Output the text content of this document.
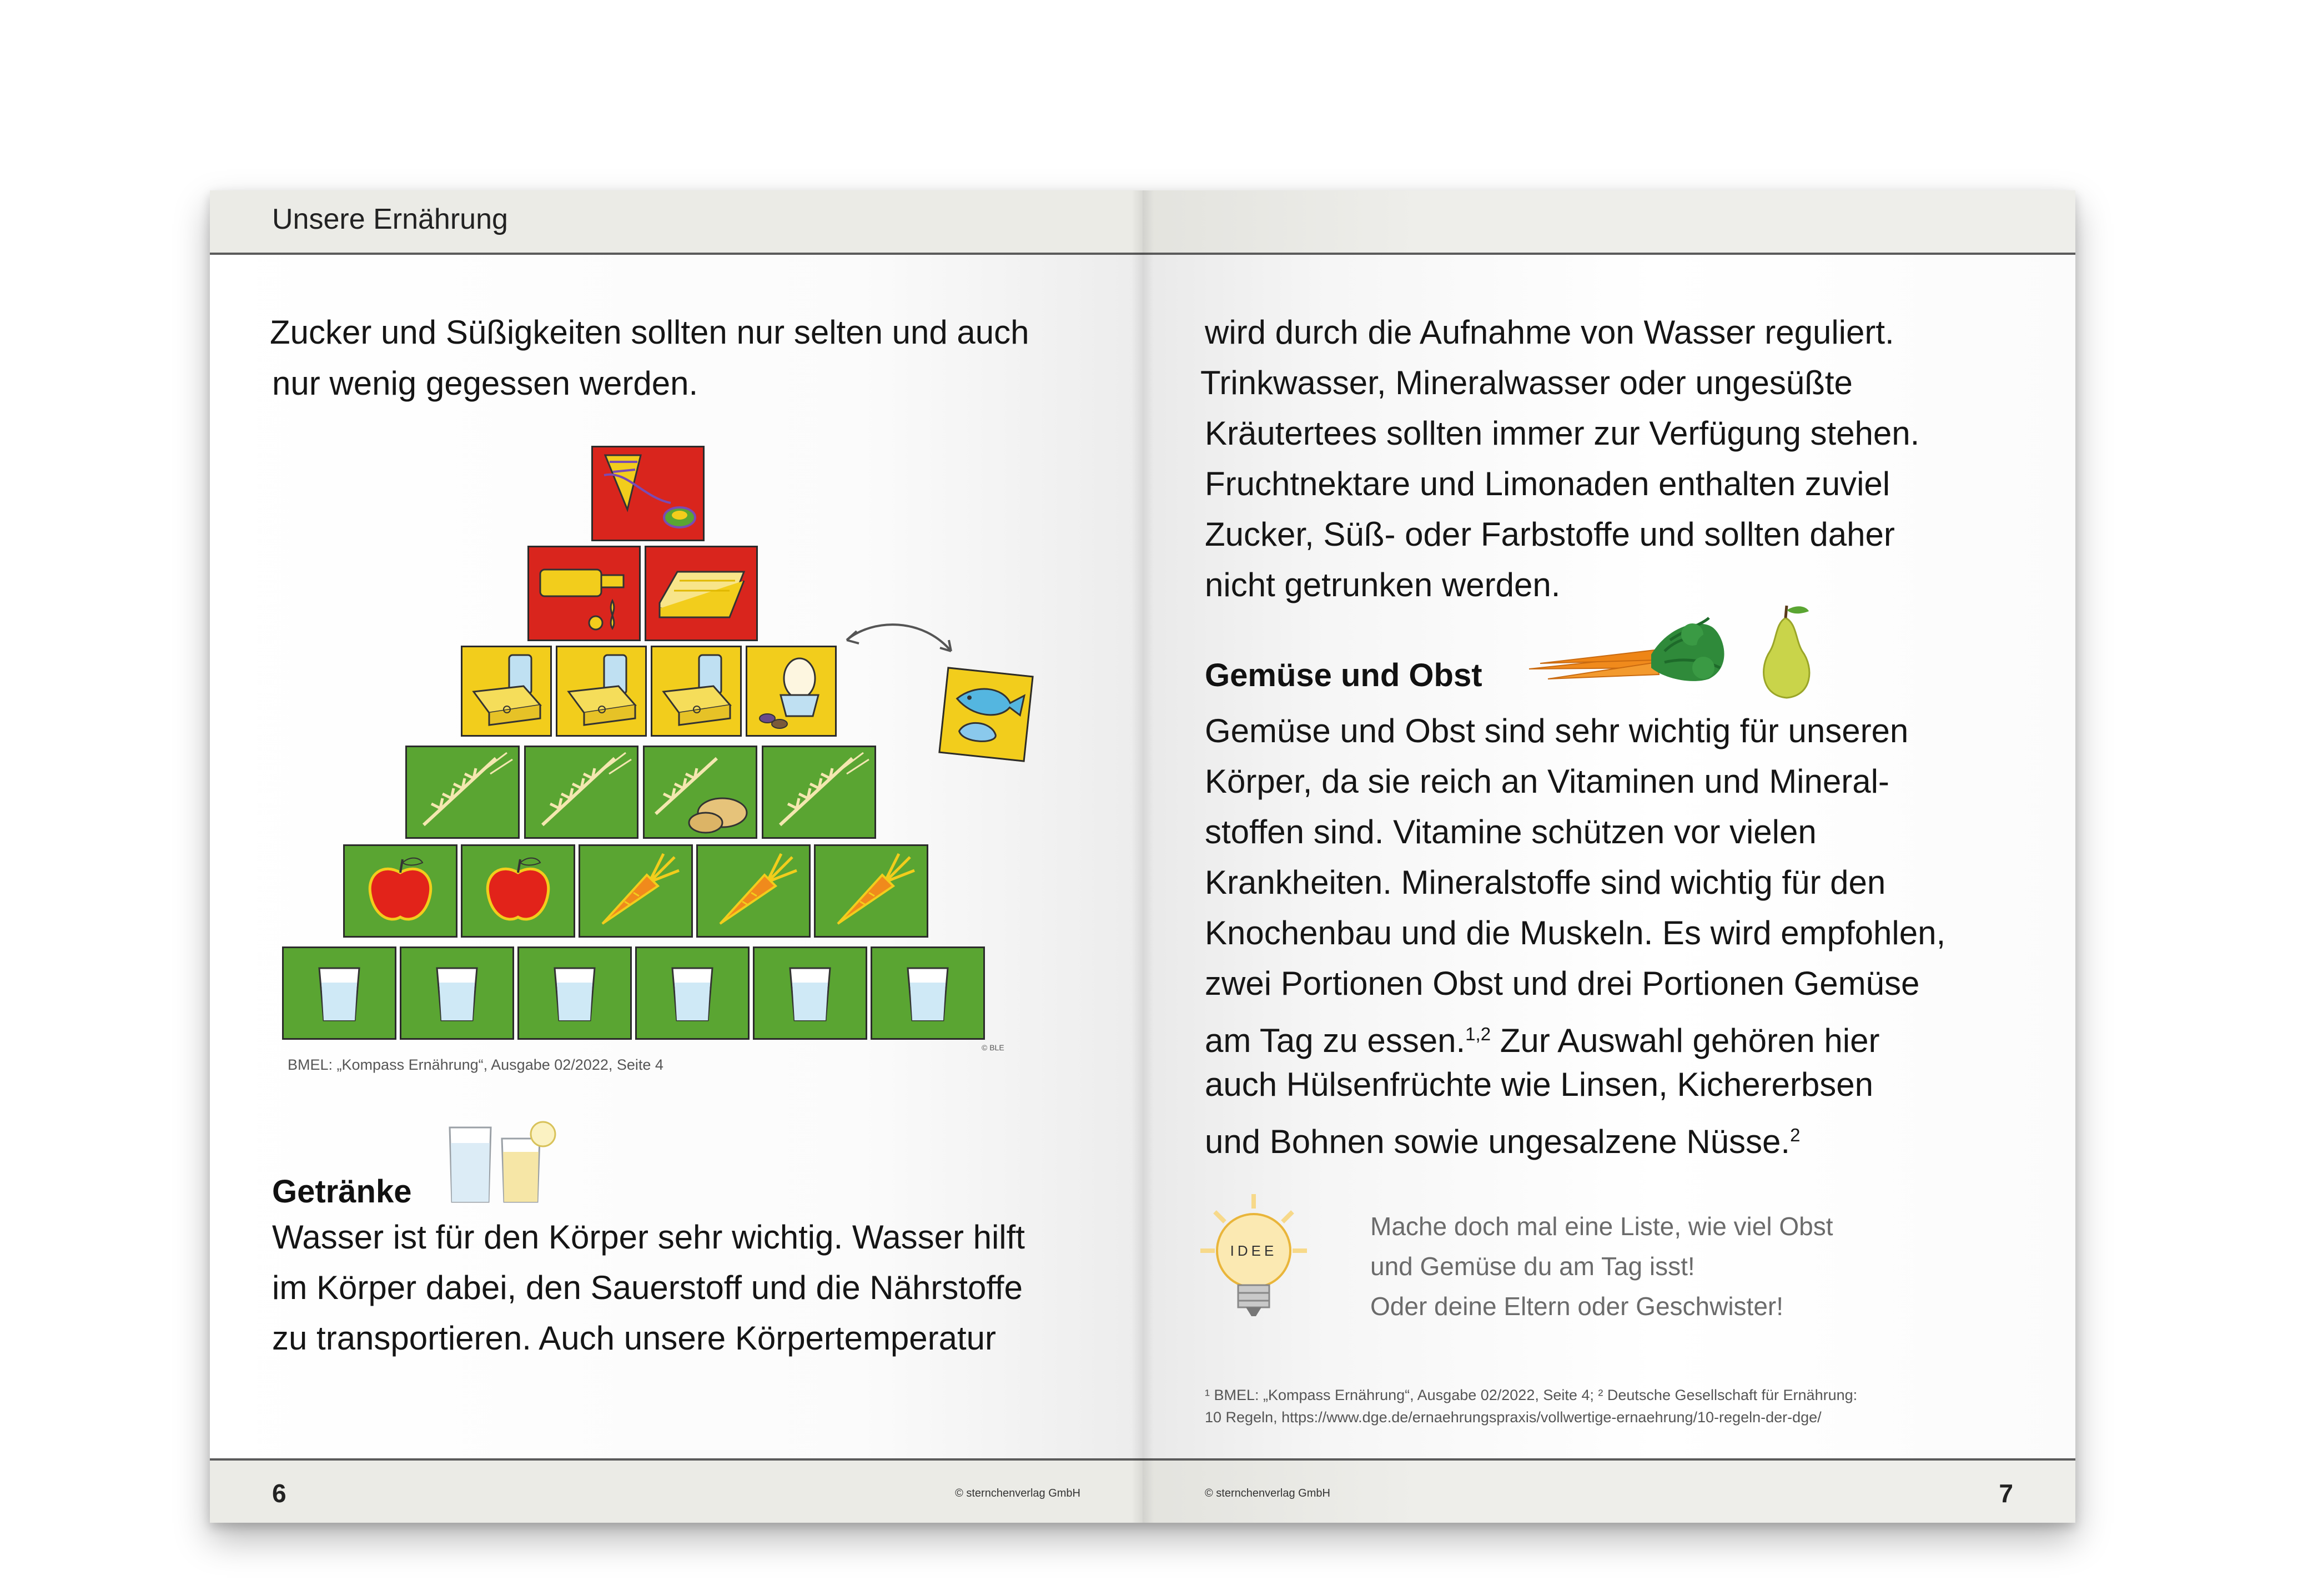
Unsere Ernährung

Zucker und Süßigkeiten sollten nur selten und auch

nur wenig gegessen werden.

BMEL: „Kompass Ernährung“, Ausgabe 02/2022, Seite 4
© BLE

Getränke

Wasser ist für den Körper sehr wichtig. Wasser hilft

im Körper dabei, den Sauerstoff und die Nährstoffe

zu transportieren. Auch unsere Körpertemperatur

6	© sternchenverlag GmbH

wird durch die Aufnahme von Wasser reguliert.

Trinkwasser, Mineralwasser oder ungesüßte

Kräutertees sollten immer zur Verfügung stehen.

Fruchtnektare und Limonaden enthalten zuviel

Zucker, Süß- oder Farbstoffe und sollten daher

nicht getrunken werden.

Gemüse und Obst

Gemüse und Obst sind sehr wichtig für unseren

Körper, da sie reich an Vitaminen und Mineral-

stoffen sind. Vitamine schützen vor vielen

Krankheiten. Mineralstoffe sind wichtig für den

Knochenbau und die Muskeln. Es wird empfohlen,

zwei Portionen Obst und drei Portionen Gemüse

am Tag zu essen.$^{1,2}$ Zur Auswahl gehören hier

auch Hülsenfrüchte wie Linsen, Kichererbsen

und Bohnen sowie ungesalzene Nüsse.$^2$

IDEE
Mache doch mal eine Liste, wie viel Obst
und Gemüse du am Tag isst!
Oder deine Eltern oder Geschwister!
¹ BMEL: „Kompass Ernährung“, Ausgabe 02/2022, Seite 4; ² Deutsche Gesellschaft für Ernährung:
10 Regeln, https://www.dge.de/ernaehrungspraxis/vollwertige-ernaehrung/10-regeln-der-dge/
© sternchenverlag GmbH	7
